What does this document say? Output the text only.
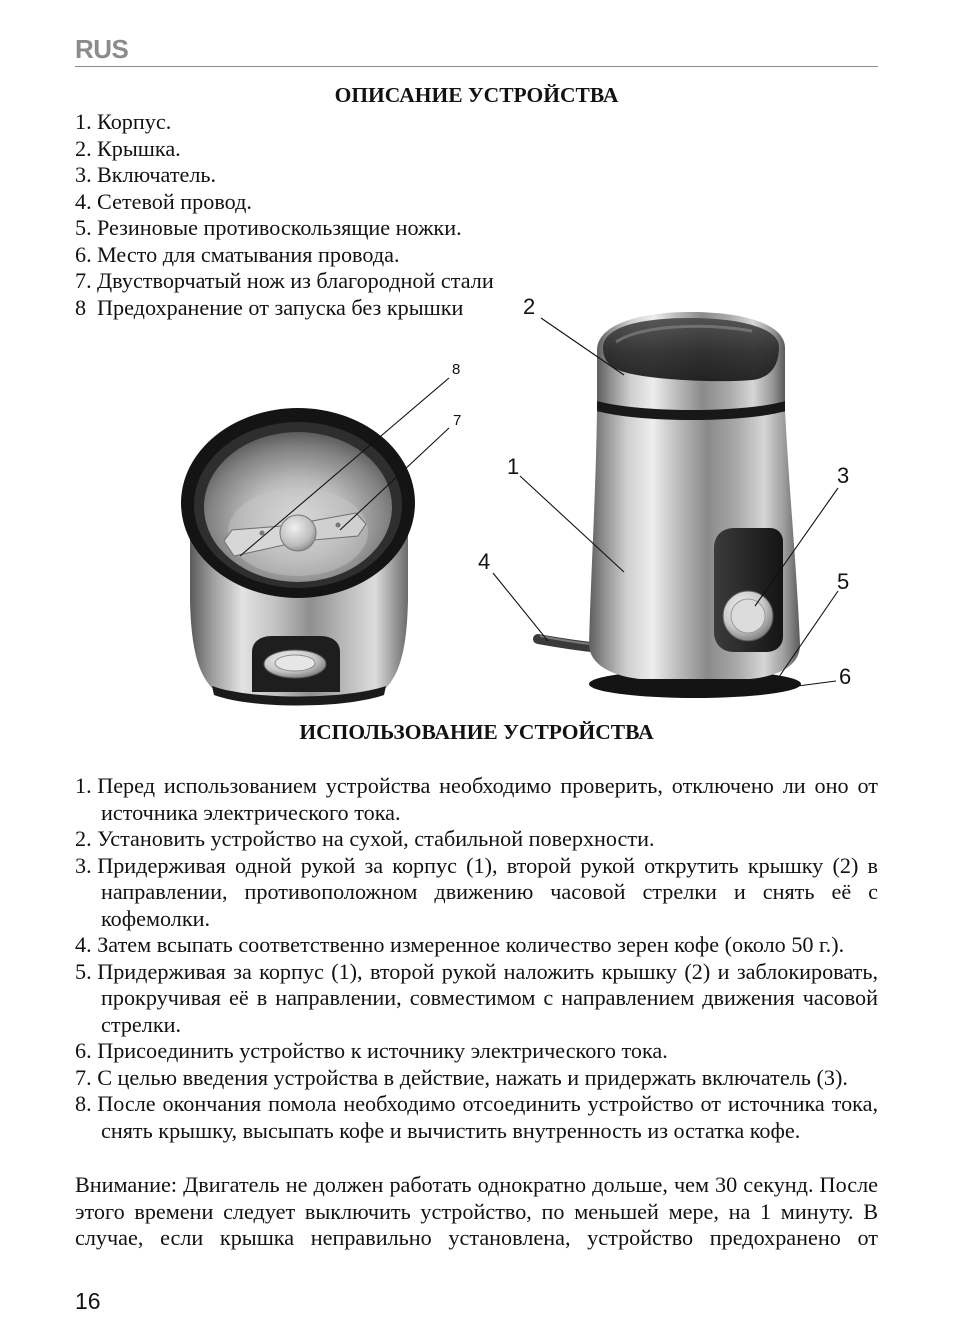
RUS
ОПИСАНИЕ УСТРОЙСТВА
1. Корпус.
2. Крышка.
3. Включатель.
4. Сетевой провод.
5. Резиновые противоскользящие ножки.
6. Место для сматывания провода.
7. Двустворчатый нож из благородной стали
8 Предохранение от запуска без крышки
8
7
2
1	3
4
5
6
ИСПОЛЬЗОВАНИЕ УСТРОЙСТВА
1. Перед использованием устройства необходимо проверить, отключено ли оно от источника электрического тока.
2. Установить устройство на сухой, стабильной поверхности.
3. Придерживая одной рукой за корпус (1), второй рукой открутить крышку (2) в направлении, противоположном движению часовой стрелки и снять её с кофемолки.
4. Затем всыпать соответственно измеренное количество зерен кофе (около 50 г.).
5. Придерживая за корпус (1), второй рукой наложить крышку (2) и заблокировать, прокручивая её в направлении, совместимом с направлением движения часовой стрелки.
6. Присоединить устройство к источнику электрического тока.
7. С целью введения устройства в действие, нажать и придержать включатель (3).
8. После окончания помола необходимо отсоединить устройство от источника тока, снять крышку, высыпать кофе и вычистить внутренность из остатка кофе.
Внимание: Двигатель не должен работать однократно дольше, чем 30 секунд. После этого времени следует выключить устройство, по меньшей мере, на 1 минуту. В случае, если крышка неправильно установлена, устройство предохранено от
16
